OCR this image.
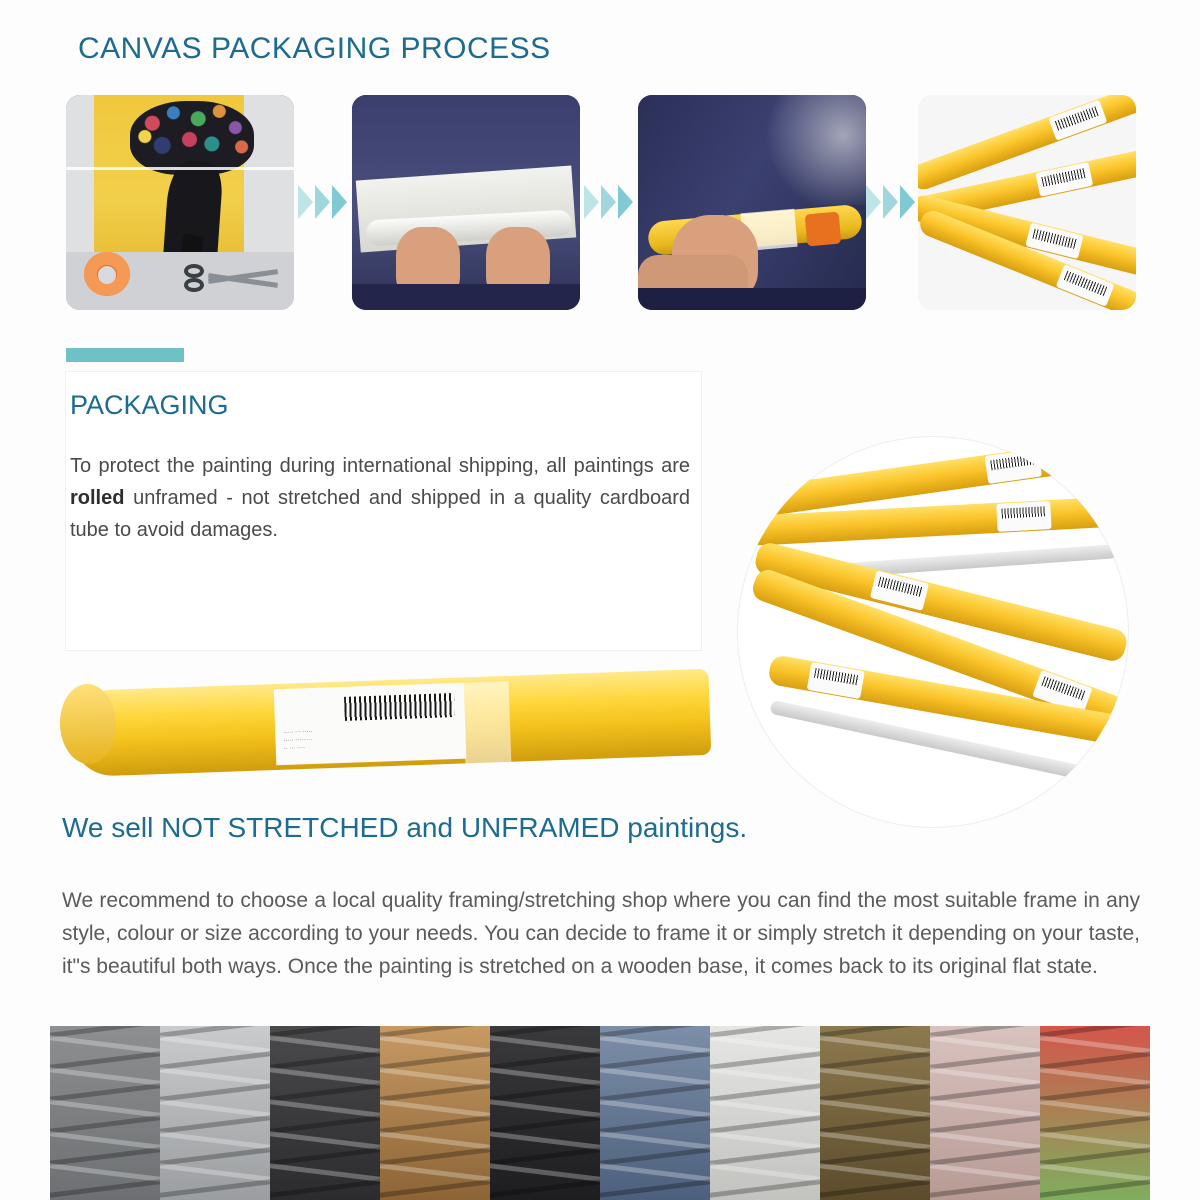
CANVAS PACKAGING PROCESS
PACKAGING
To protect the painting during international shipping, all paintings are rolled unframed - not stretched and shipped in a quality cardboard tube to avoid damages.
····· ··· ·····
····· ····· ···
·· ··· ····
We sell NOT STRETCHED and UNFRAMED paintings.
We recommend to choose a local quality framing/stretching shop where you can find the most suitable frame in any style, colour or size according to your needs. You can decide to frame it or simply stretch it depending on your taste, it"s beautiful both ways. Once the painting is stretched on a wooden base, it comes back to its original flat state.
